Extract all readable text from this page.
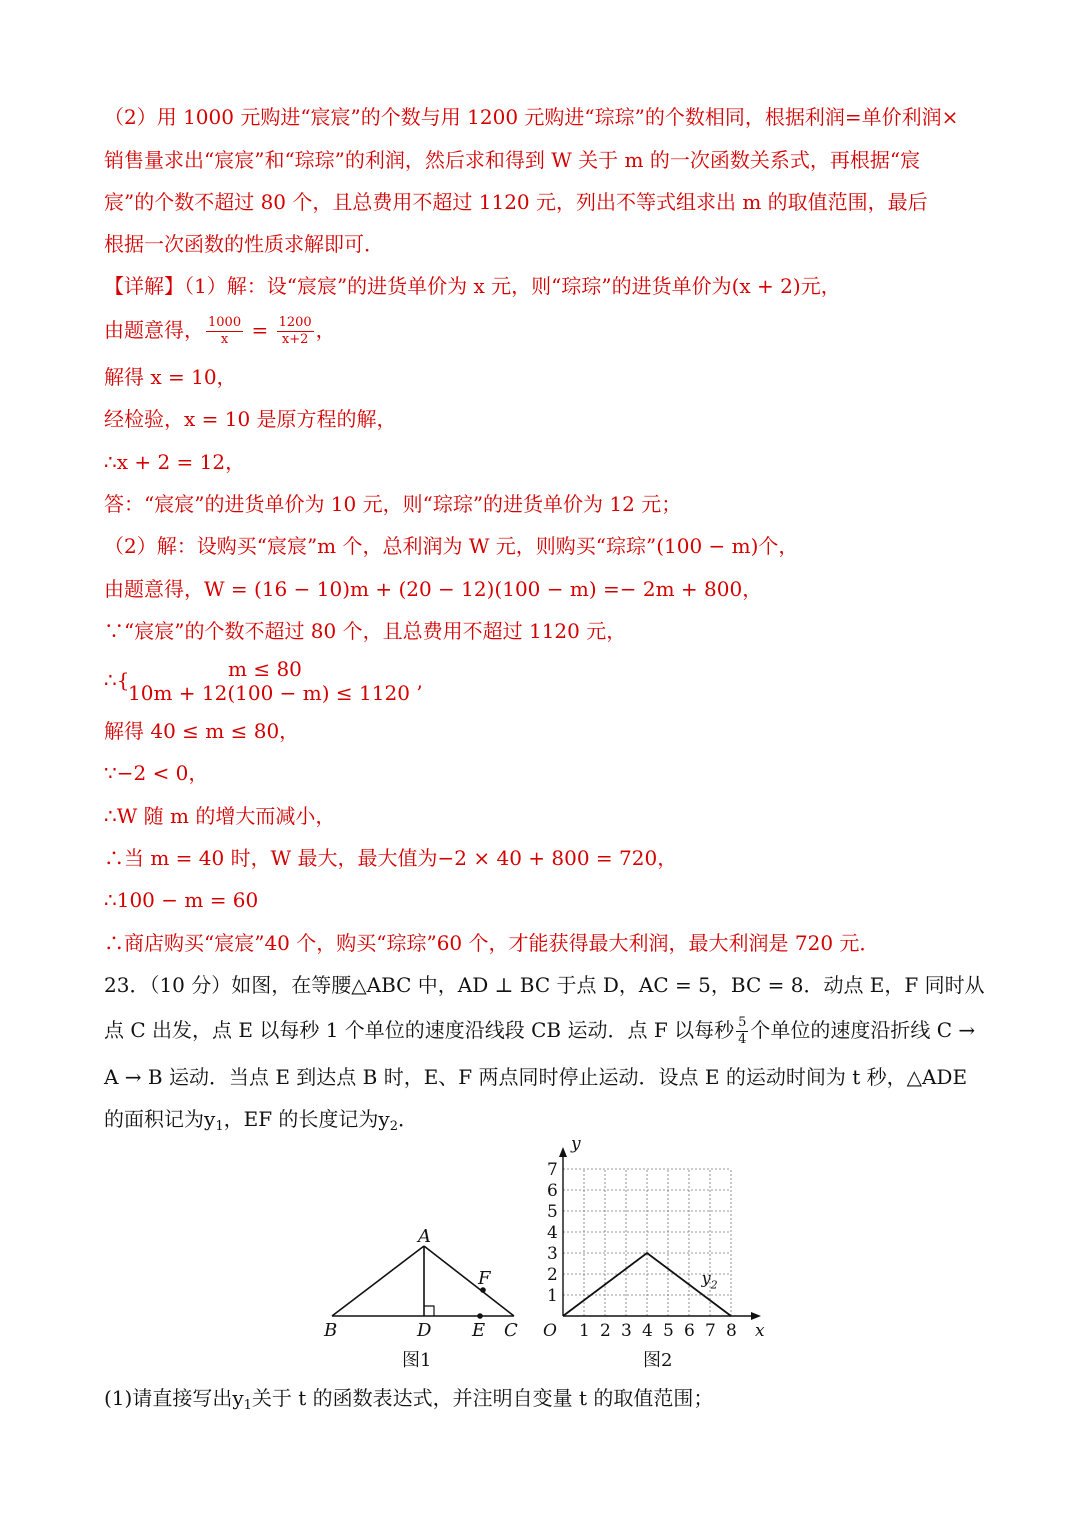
（2）用 1000 元购进“宸宸”的个数与用 1200 元购进“琮琮”的个数相同，根据利润=单价利润×
销售量求出“宸宸”和“琮琮”的利润，然后求和得到 W 关于 m 的一次函数关系式，再根据“宸
宸”的个数不超过 80 个，且总费用不超过 1120 元，列出不等式组求出 m 的取值范围，最后
根据一次函数的性质求解即可．
【详解】（1）解：设“宸宸”的进货单价为 x 元，则“琮琮”的进货单价为(x + 2)元，
由题意得， $\frac{1000}{x} = \frac{1200}{x+2}$ ，
解得 x = 10，
经检验，x = 10 是原方程的解，
∴x + 2 = 12，
答：“宸宸”的进货单价为 10 元，则“琮琮”的进货单价为 12 元；
（2）解：设购买“宸宸”m 个，总利润为 W 元，则购买“琮琮”(100 − m)个，
由题意得，W = (16 − 10)m + (20 − 12)(100 − m) =− 2m + 800，
∵“宸宸”的个数不超过 80 个，且总费用不超过 1120 元，
∴{	m ≤ 80
10m + 12(100 − m) ≤ 1120 ’
解得 40 ≤ m ≤ 80，
∵−2 < 0，
∴W 随 m 的增大而减小，
∴当 m = 40 时，W 最大，最大值为−2 × 40 + 800 = 720，
∴100 − m = 60
∴商店购买“宸宸”40 个，购买“琮琮”60 个，才能获得最大利润，最大利润是 720 元．
23．（10 分）如图，在等腰△ABC 中，AD ⊥ BC 于点 D，AC = 5，BC = 8．动点 E，F 同时从
点 C 出发，点 E 以每秒 1 个单位的速度沿线段 CB 运动．点 F 以每秒 $\frac{5}{4}$ 个单位的速度沿折线 C →
A → B 运动．当点 E 到达点 B 时，E、F 两点同时停止运动．设点 E 的运动时间为 t 秒，△ADE
的面积记为$y_1$，EF 的长度记为$y_2$．
A
B	D E C
F
图1
1 2 3 4 5 6 7 8
1
2
3
4
5
6
7
x
y
O
$y_2$
图2
(1)请直接写出$y_1$关于 t 的函数表达式，并注明自变量 t 的取值范围；
